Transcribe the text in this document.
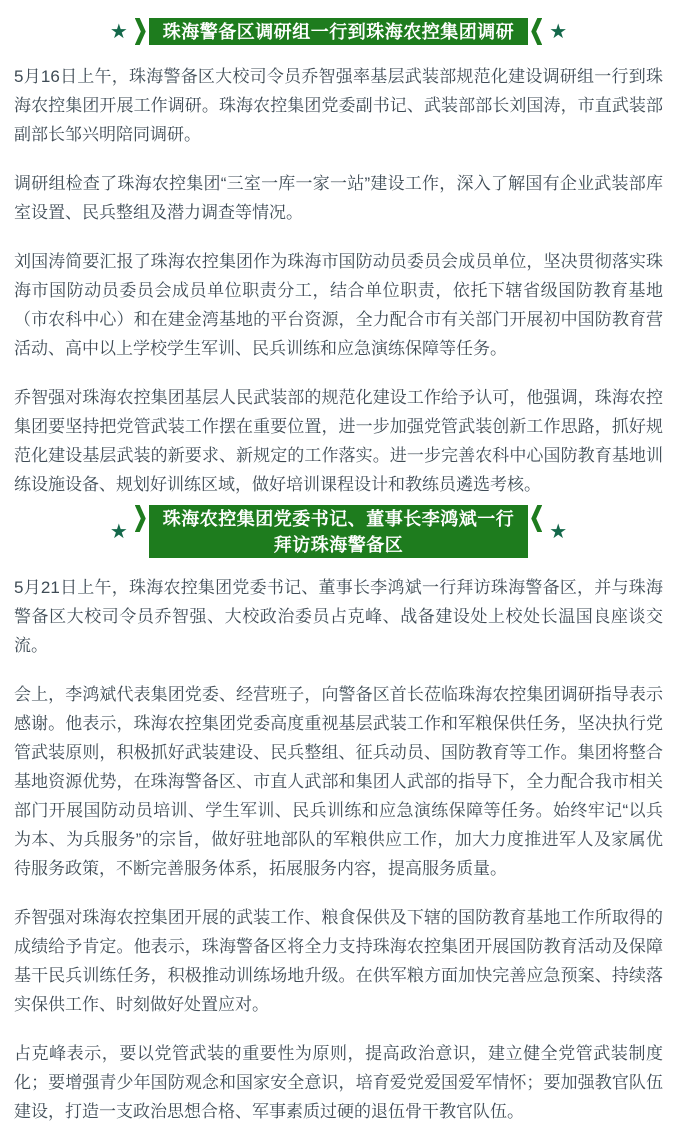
★ 珠海警备区调研组一行到珠海农控集团调研 ★

5月16日上午，珠海警备区大校司令员乔智强率基层武装部规范化建设调研组一行到珠海农控集团开展工作调研。珠海农控集团党委副书记、武装部部长刘国涛，市直武装部副部长邹兴明陪同调研。

调研组检查了珠海农控集团“三室一库一家一站”建设工作，深入了解国有企业武装部库室设置、民兵整组及潜力调查等情况。

刘国涛简要汇报了珠海农控集团作为珠海市国防动员委员会成员单位，坚决贯彻落实珠海市国防动员委员会成员单位职责分工，结合单位职责，依托下辖省级国防教育基地（市农科中心）和在建金湾基地的平台资源，全力配合市有关部门开展初中国防教育营活动、高中以上学校学生军训、民兵训练和应急演练保障等任务。

乔智强对珠海农控集团基层人民武装部的规范化建设工作给予认可，他强调，珠海农控集团要坚持把党管武装工作摆在重要位置，进一步加强党管武装创新工作思路，抓好规范化建设基层武装的新要求、新规定的工作落实。进一步完善农科中心国防教育基地训练设施设备、规划好训练区域，做好培训课程设计和教练员遴选考核。

★
珠海农控集团党委书记、董事长李鸿斌一行
拜访珠海警备区
★

5月21日上午，珠海农控集团党委书记、董事长李鸿斌一行拜访珠海警备区，并与珠海警备区大校司令员乔智强、大校政治委员占克峰、战备建设处上校处长温国良座谈交流。

会上，李鸿斌代表集团党委、经营班子，向警备区首长莅临珠海农控集团调研指导表示感谢。他表示，珠海农控集团党委高度重视基层武装工作和军粮保供任务，坚决执行党管武装原则，积极抓好武装建设、民兵整组、征兵动员、国防教育等工作。集团将整合基地资源优势，在珠海警备区、市直人武部和集团人武部的指导下，全力配合我市相关部门开展国防动员培训、学生军训、民兵训练和应急演练保障等任务。始终牢记“以兵为本、为兵服务”的宗旨，做好驻地部队的军粮供应工作，加大力度推进军人及家属优待服务政策，不断完善服务体系，拓展服务内容，提高服务质量。

乔智强对珠海农控集团开展的武装工作、粮食保供及下辖的国防教育基地工作所取得的成绩给予肯定。他表示，珠海警备区将全力支持珠海农控集团开展国防教育活动及保障基干民兵训练任务，积极推动训练场地升级。在供军粮方面加快完善应急预案、持续落实保供工作、时刻做好处置应对。

占克峰表示，要以党管武装的重要性为原则，提高政治意识，建立健全党管武装制度化；要增强青少年国防观念和国家安全意识，培育爱党爱国爱军情怀；要加强教官队伍建设，打造一支政治思想合格、军事素质过硬的退伍骨干教官队伍。
